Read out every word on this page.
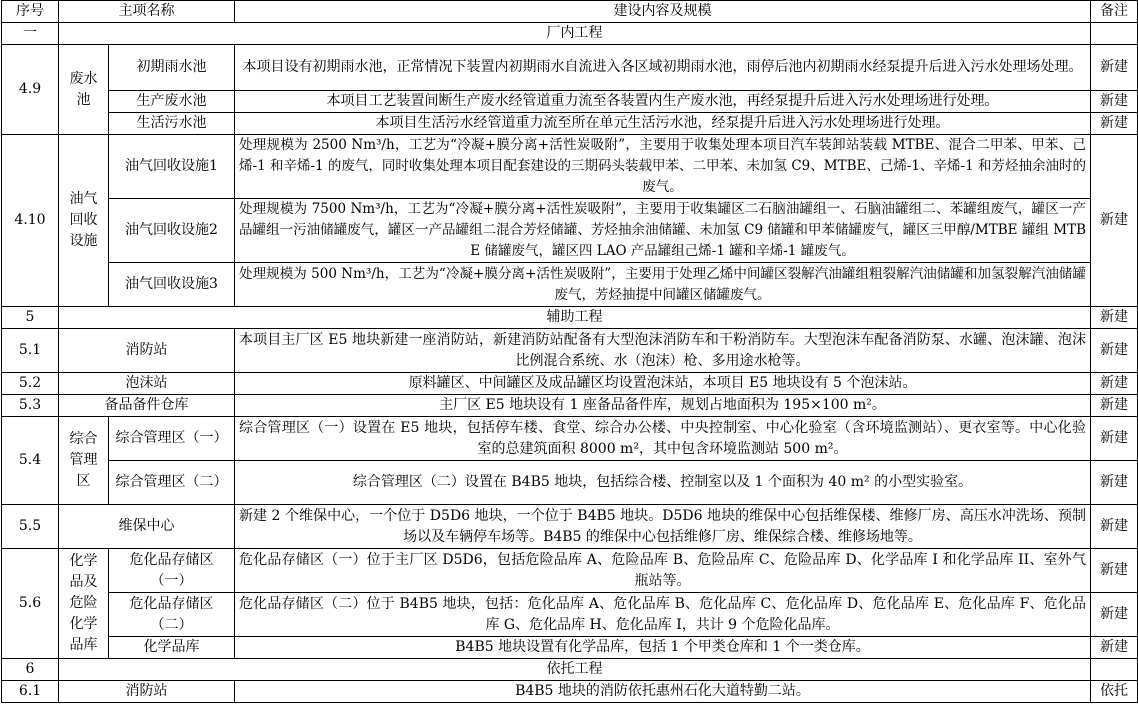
序号	主项名称		建设内容及规模	备注
一	厂内工程			
4.9	废水池	初期雨水池	本项目设有初期雨水池，正常情况下装置内初期雨水自流进入各区域初期雨水池，雨停后池内初期雨水经泵提升后进入污水处理场处理。	新建
		生产废水池	本项目工艺装置间断生产废水经管道重力流至各装置内生产废水池，再经泵提升后进入污水处理场进行处理。	新建
		生活污水池	本项目生活污水经管道重力流至所在单元生活污水池，经泵提升后进入污水处理场进行处理。	新建
4.10	油气回收设施	油气回收设施1	处理规模为 2500 Nm³/h，工艺为“冷凝+膜分离+活性炭吸附”，主要用于收集处理本项目汽车装卸站装载 MTBE、混合二甲苯、甲苯、己烯-1 和辛烯-1 的废气，同时收集处理本项目配套建设的三期码头装载甲苯、二甲苯、未加氢 C9、MTBE、己烯-1、辛烯-1 和芳烃抽余油时的废气。	新建
		油气回收设施2	处理规模为 7500 Nm³/h，工艺为“冷凝+膜分离+活性炭吸附”，主要用于收集罐区二石脑油罐组一、石脑油罐组二、苯罐组废气，罐区一产品罐组一污油储罐废气，罐区一产品罐组二混合芳烃储罐、芳烃抽余油储罐、未加氢 C9 储罐和甲苯储罐废气，罐区三甲醇/MTBE 罐组 MTBE 储罐废气，罐区四 LAO 产品罐组己烯-1 罐和辛烯-1 罐废气。	
		油气回收设施3	处理规模为 500 Nm³/h，工艺为“冷凝+膜分离+活性炭吸附”，主要用于处理乙烯中间罐区裂解汽油罐组粗裂解汽油储罐和加氢裂解汽油储罐废气，芳烃抽提中间罐区储罐废气。	
5	辅助工程			新建
5.1	消防站		本项目主厂区 E5 地块新建一座消防站，新建消防站配备有大型泡沫消防车和干粉消防车。大型泡沫车配备消防泵、水罐、泡沫罐、泡沫比例混合系统、水（泡沫）枪、多用途水枪等。	新建
5.2	泡沫站		原料罐区、中间罐区及成品罐区均设置泡沫站，本项目 E5 地块设有 5 个泡沫站。	新建
5.3	备品备件仓库		主厂区 E5 地块设有 1 座备品备件库，规划占地面积为 195×100 m²。	新建
5.4	综合管理区	综合管理区（一）	综合管理区（一）设置在 E5 地块，包括停车楼、食堂、综合办公楼、中央控制室、中心化验室（含环境监测站）、更衣室等。中心化验室的总建筑面积 8000 m²，其中包含环境监测站 500 m²。	新建
		综合管理区（二）	综合管理区（二）设置在 B4B5 地块，包括综合楼、控制室以及 1 个面积为 40 m² 的小型实验室。	新建
5.5	维保中心		新建 2 个维保中心，一个位于 D5D6 地块，一个位于 B4B5 地块。D5D6 地块的维保中心包括维保楼、维修厂房、高压水冲洗场、预制场以及车辆停车场等。B4B5 的维保中心包括维修厂房、维保综合楼、维修场地等。	新建
5.6	化学品及危险化学品库	危化品存储区（一）	危化品存储区（一）位于主厂区 D5D6，包括危险品库 A、危险品库 B、危险品库 C、危险品库 D、化学品库 I 和化学品库 II、室外气瓶站等。	新建
		危化品存储区（二）	危化品存储区（二）位于 B4B5 地块，包括：危化品库 A、危化品库 B、危化品库 C、危化品库 D、危化品库 E、危化品库 F、危化品库 G、危化品库 H、危化品库 I，共计 9 个危险化品库。	新建
		化学品库	B4B5 地块设置有化学品库，包括 1 个甲类仓库和 1 个一类仓库。	新建
6	依托工程			
6.1	消防站		B4B5 地块的消防依托惠州石化大道特勤二站。	依托
